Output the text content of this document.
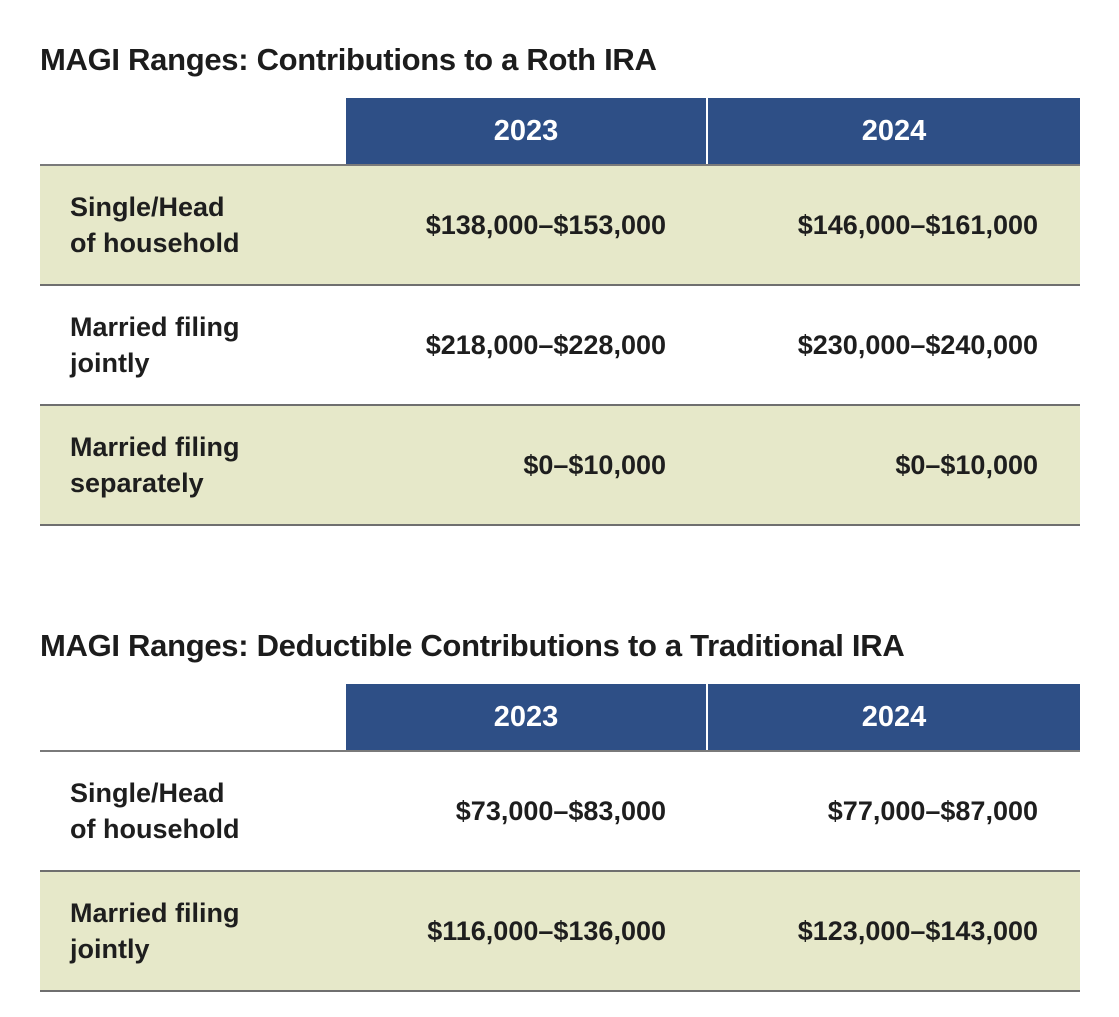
MAGI Ranges: Contributions to a Roth IRA
2023	2024
Single/Head
of household
$138,000–$153,000	$146,000–$161,000
Married filing
jointly
$218,000–$228,000	$230,000–$240,000
Married filing
separately
$0–$10,000	$0–$10,000
MAGI Ranges: Deductible Contributions to a Traditional IRA
2023	2024
Single/Head
of household
$73,000–$83,000	$77,000–$87,000
Married filing
jointly
$116,000–$136,000	$123,000–$143,000
